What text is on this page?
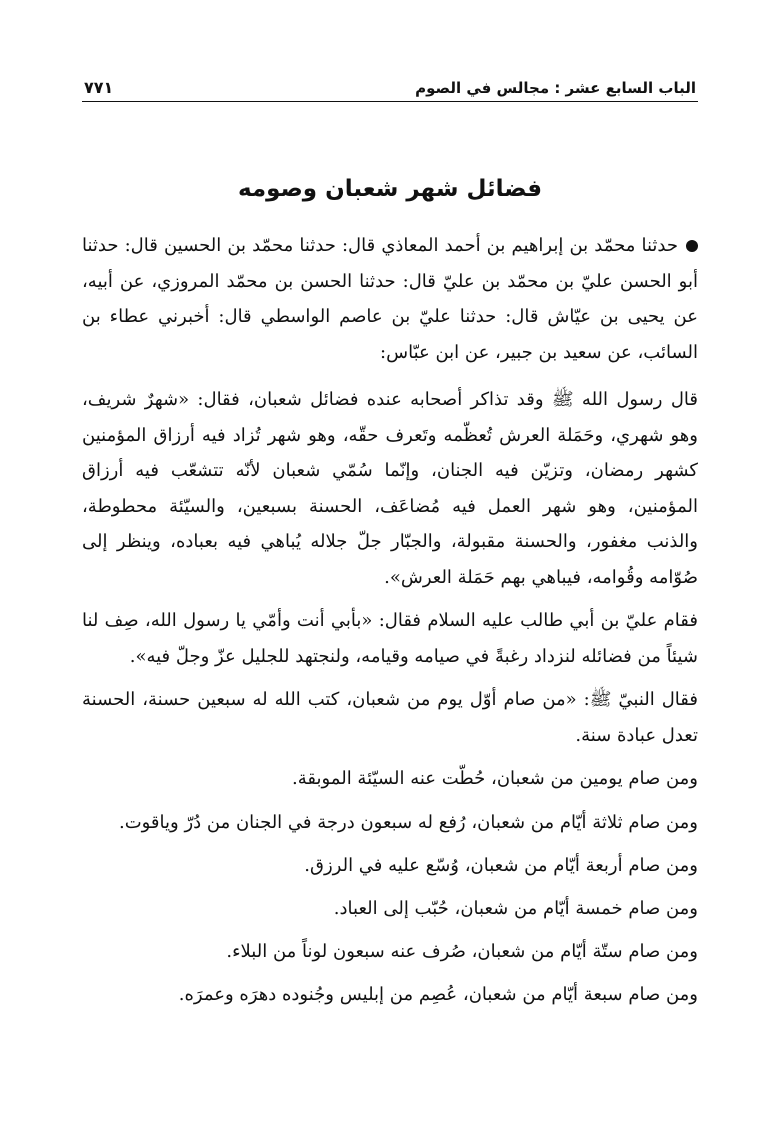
الباب السابع عشر : مجالس في الصوم
٧٧١
فضائل شهر شعبان وصومه

حدثنا محمّد بن إبراهيم بن أحمد المعاذي قال: حدثنا محمّد بن الحسين قال: حدثنا أبو الحسن عليّ بن محمّد بن عليّ قال: حدثنا الحسن بن محمّد المروزي، عن أبيه، عن يحيى بن عيّاش قال: حدثنا عليّ بن عاصم الواسطي قال: أخبرني عطاء بن السائب، عن سعيد بن جبير، عن ابن عبّاس:

قال رسول الله ﷺ وقد تذاكر أصحابه عنده فضائل شعبان، فقال: «شهرٌ شريف، وهو شهري، وحَمَلة العرش تُعظّمه وتَعرف حقّه، وهو شهر تُزاد فيه أرزاق المؤمنين كشهر رمضان، وتزيّن فيه الجنان، وإنّما سُمّي شعبان لأنّه تتشعّب فيه أرزاق المؤمنين، وهو شهر العمل فيه مُضاعَف، الحسنة بسبعين، والسيّئة محطوطة، والذنب مغفور، والحسنة مقبولة، والجبّار جلّ جلاله يُباهي فيه بعباده، وينظر إلى صُوّامه وقُوامه، فيباهي بهم حَمَلة العرش».

فقام عليّ بن أبي طالب عليه السلام فقال: «بأبي أنت وأمّي يا رسول الله، صِف لنا شيئاً من فضائله لنزداد رغبةً في صيامه وقيامه، ولنجتهد للجليل عزّ وجلّ فيه».

فقال النبيّ ﷺ: «من صام أوّل يوم من شعبان، كتب الله له سبعين حسنة، الحسنة تعدل عبادة سنة.

ومن صام يومين من شعبان، حُطّت عنه السيّئة الموبقة.

ومن صام ثلاثة أيّام من شعبان، رُفع له سبعون درجة في الجنان من دُرّ وياقوت.

ومن صام أربعة أيّام من شعبان، وُسّع عليه في الرزق.

ومن صام خمسة أيّام من شعبان، حُبّب إلى العباد.

ومن صام ستّة أيّام من شعبان، صُرف عنه سبعون لوناً من البلاء.

ومن صام سبعة أيّام من شعبان، عُصِم من إبليس وجُنوده دهرَه وعمرَه.
